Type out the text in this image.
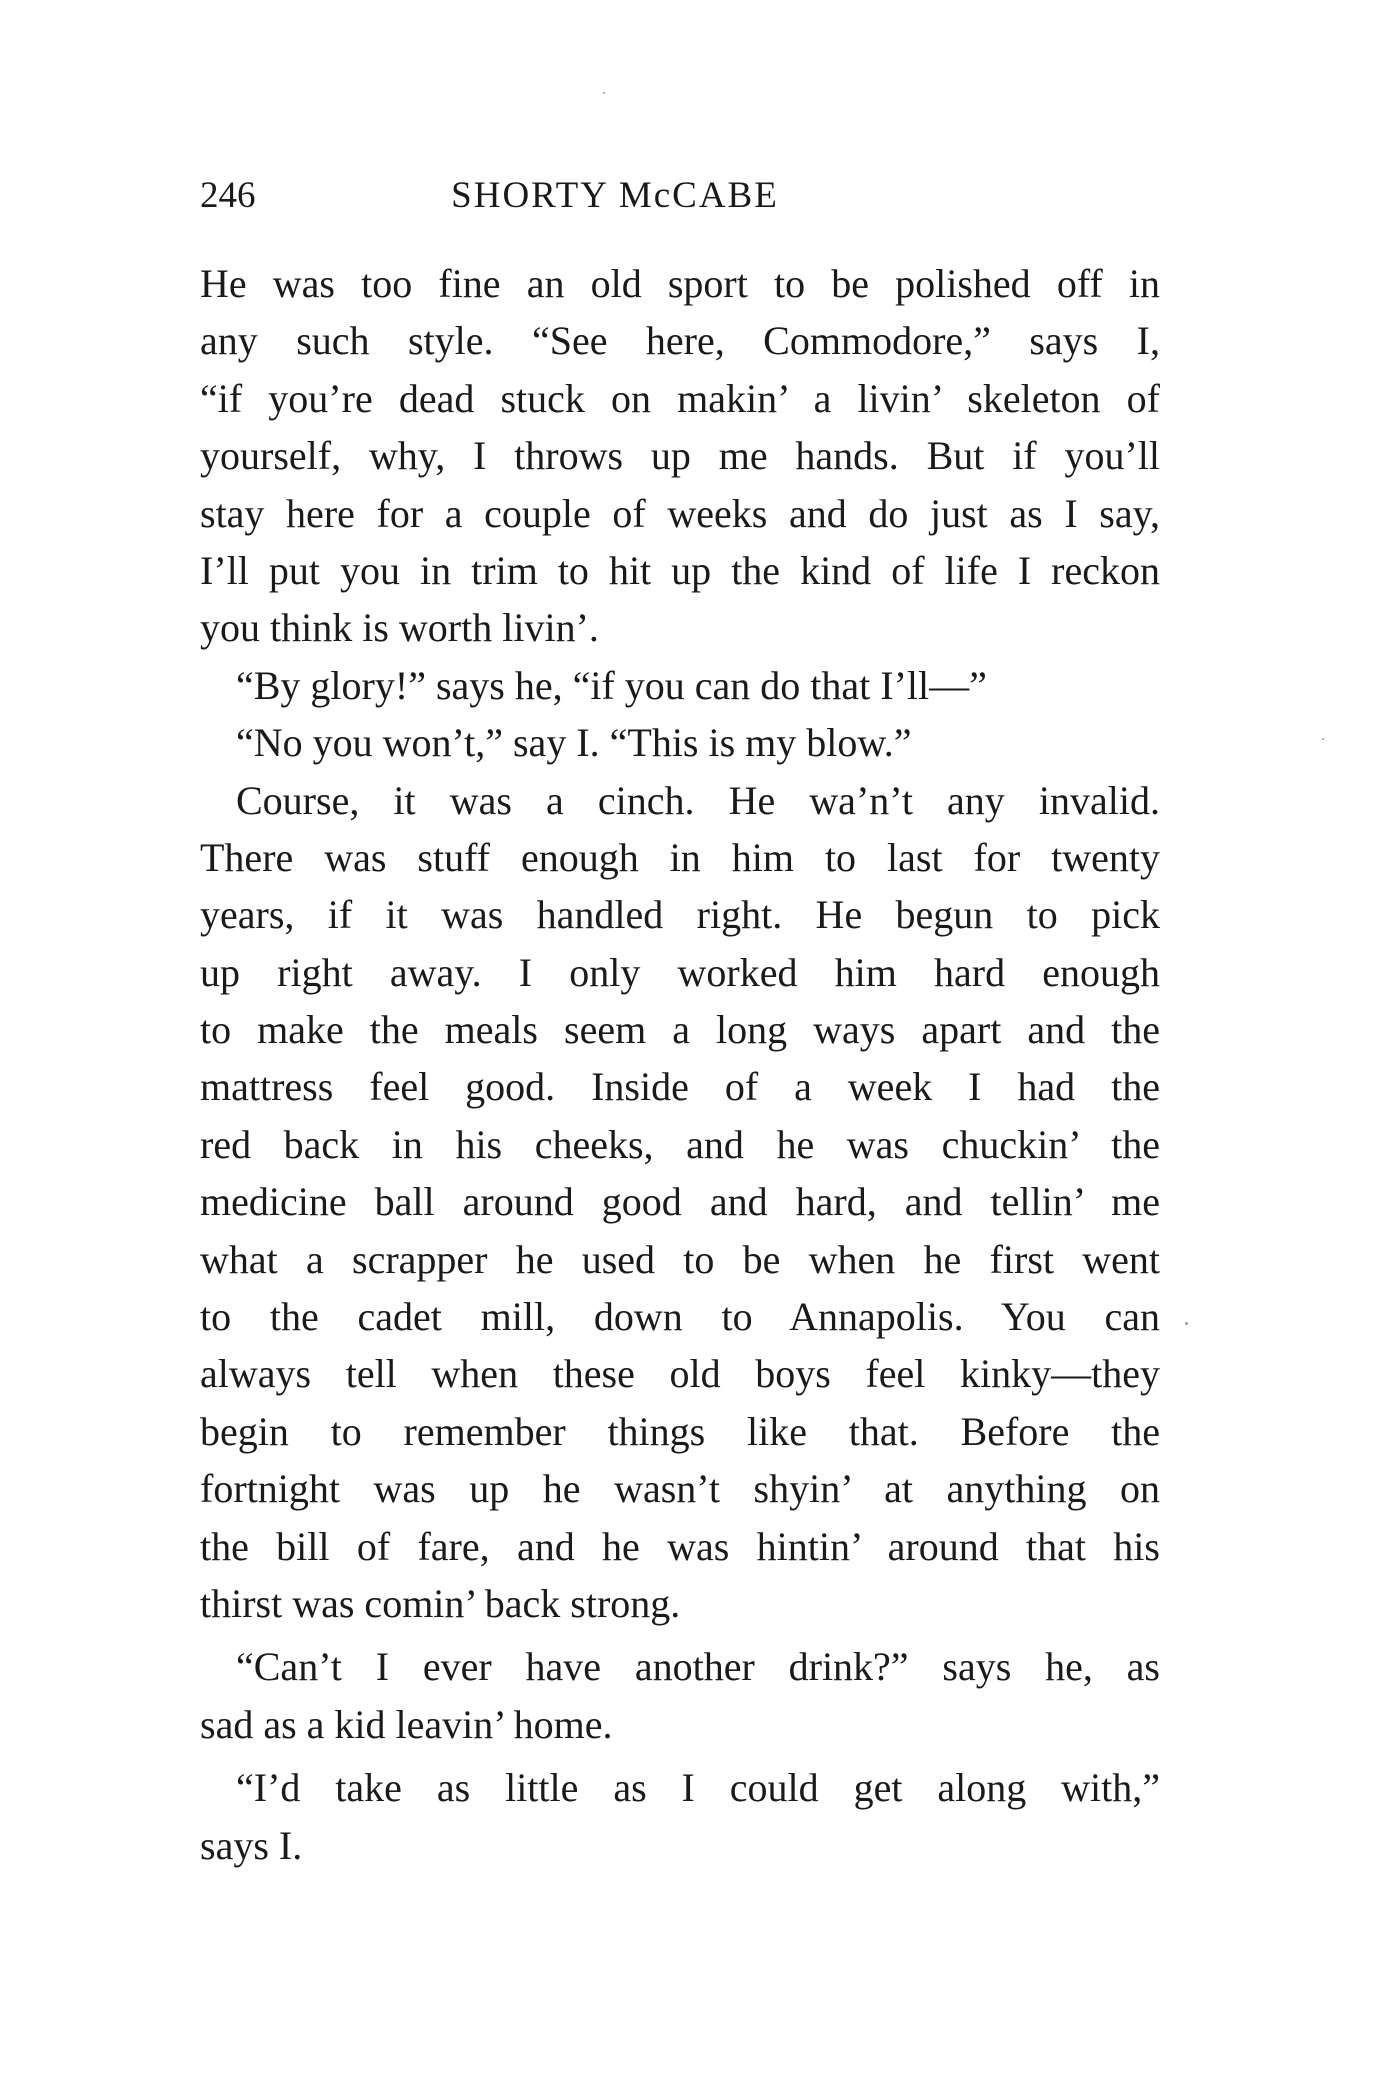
246	SHORTY McCABE
He was too fine an old sport to be polished off in
any such style. “See here, Commodore,” says I,
“if you’re dead stuck on makin’ a livin’ skeleton of
yourself, why, I throws up me hands. But if you’ll
stay here for a couple of weeks and do just as I say,
I’ll put you in trim to hit up the kind of life I reckon
you think is worth livin’.
“By glory!” says he, “if you can do that I’ll—”
“No you won’t,” say I. “This is my blow.”
Course, it was a cinch. He wa’n’t any invalid.
There was stuff enough in him to last for twenty
years, if it was handled right. He begun to pick
up right away. I only worked him hard enough
to make the meals seem a long ways apart and the
mattress feel good. Inside of a week I had the
red back in his cheeks, and he was chuckin’ the
medicine ball around good and hard, and tellin’ me
what a scrapper he used to be when he first went
to the cadet mill, down to Annapolis. You can
always tell when these old boys feel kinky—they
begin to remember things like that. Before the
fortnight was up he wasn’t shyin’ at anything on
the bill of fare, and he was hintin’ around that his
thirst was comin’ back strong.
“Can’t I ever have another drink?” says he, as
sad as a kid leavin’ home.
“I’d take as little as I could get along with,”
says I.
